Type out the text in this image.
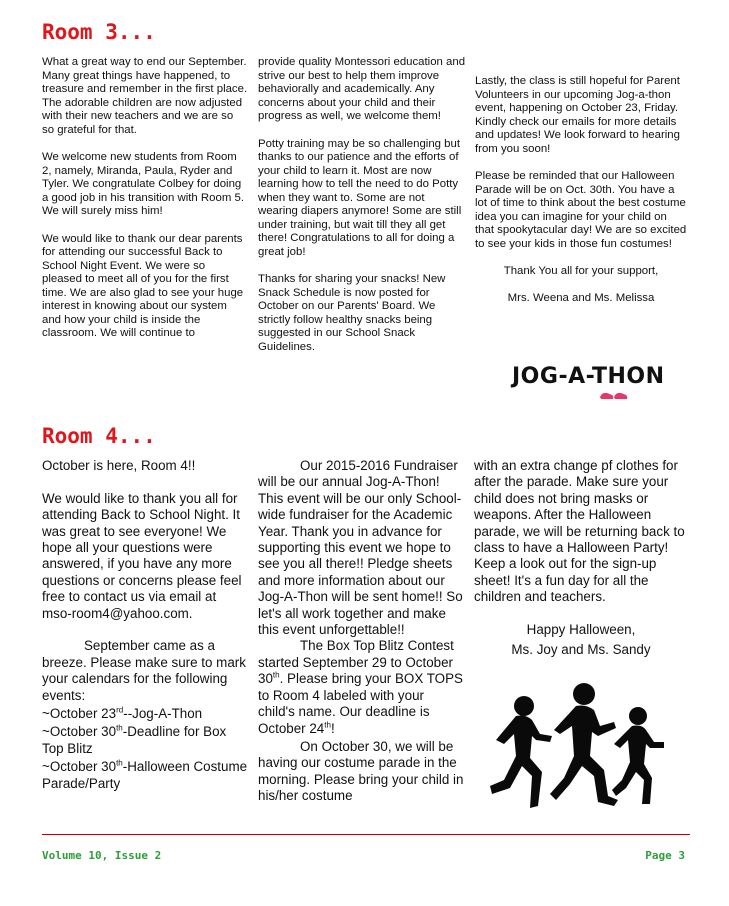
Room 3...

What a great way to end our September. Many great things have happened, to treasure and remember in the first place. The adorable children are now adjusted with their new teachers and we are so so grateful for that.

We welcome new students from Room 2, namely, Miranda, Paula, Ryder and Tyler. We congratulate Colbey for doing a good job in his transition with Room 5. We will surely miss him!

We would like to thank our dear parents for attending our successful Back to School Night Event. We were so pleased to meet all of you for the first time. We are also glad to see your huge interest in knowing about our system and how your child is inside the classroom. We will continue to

provide quality Montessori education and strive our best to help them improve behaviorally and academically. Any concerns about your child and their progress as well, we welcome them!

Potty training may be so challenging but thanks to our patience and the efforts of your child to learn it. Most are now learning how to tell the need to do Potty when they want to. Some are not wearing diapers anymore! Some are still under training, but wait till they all get there! Congratulations to all for doing a great job!

Thanks for sharing your snacks! New Snack Schedule is now posted for October on our Parents' Board. We strictly follow healthy snacks being suggested in our School Snack Guidelines.

Lastly, the class is still hopeful for Parent Volunteers in our upcoming Jog-a-thon event, happening on October 23, Friday. Kindly check our emails for more details and updates! We look forward to hearing from you soon!

Please be reminded that our Halloween Parade will be on Oct. 30th. You have a lot of time to think about the best costume idea you can imagine for your child on that spookytacular day! We are so excited to see your kids in those fun costumes!

Thank You all for your support,

Mrs. Weena and Ms. Melissa

JOG-A-THON
Room 4...

October is here, Room 4!!

We would like to thank you all for attending Back to School Night. It was great to see everyone! We hope all your questions were answered, if you have any more questions or concerns please feel free to contact us via email at mso-room4@yahoo.com.

September came as a breeze. Please make sure to mark your calendars for the following events:

~October 23rd--Jog-A-Thon

~October 30th-Deadline for Box Top Blitz

~October 30th-Halloween Costume Parade/Party

Our 2015-2016 Fundraiser will be our annual Jog-A-Thon! This event will be our only School-wide fundraiser for the Academic Year. Thank you in advance for supporting this event we hope to see you all there!! Pledge sheets and more information about our Jog-A-Thon will be sent home!! So let's all work together and make this event unforgettable!!

The Box Top Blitz Contest started September 29 to October 30th. Please bring your BOX TOPS to Room 4 labeled with your child's name. Our deadline is October 24th!

On October 30, we will be having our costume parade in the morning. Please bring your child in his/her costume

with an extra change pf clothes for after the parade. Make sure your child does not bring masks or weapons. After the Halloween parade, we will be returning back to class to have a Halloween Party! Keep a look out for the sign-up sheet! It's a fun day for all the children and teachers.

Happy Halloween,

Ms. Joy and Ms. Sandy

Volume 10, Issue 2	Page 3
